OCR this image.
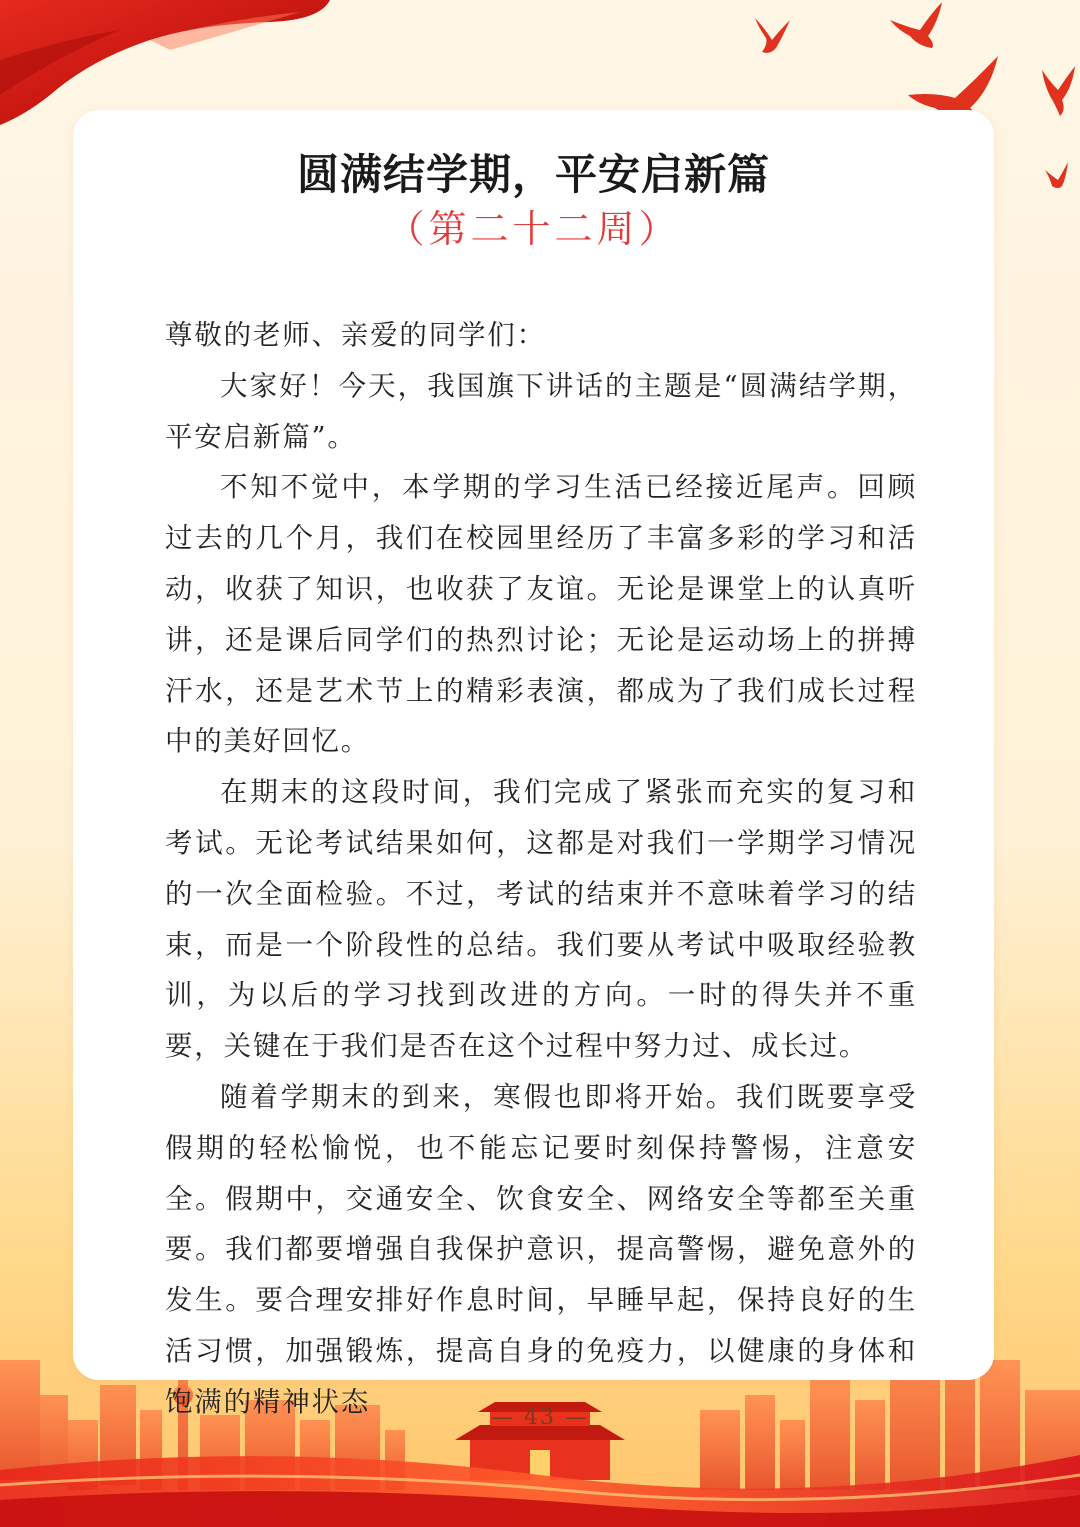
圆满结学期，平安启新篇
（第二十二周）

尊敬的老师、亲爱的同学们：

大家好！今天，我国旗下讲话的主题是“圆满结学期，平安启新篇”。

不知不觉中，本学期的学习生活已经接近尾声。回顾过去的几个月，我们在校园里经历了丰富多彩的学习和活动，收获了知识，也收获了友谊。无论是课堂上的认真听讲，还是课后同学们的热烈讨论；无论是运动场上的拼搏汗水，还是艺术节上的精彩表演，都成为了我们成长过程中的美好回忆。

在期末的这段时间，我们完成了紧张而充实的复习和考试。无论考试结果如何，这都是对我们一学期学习情况的一次全面检验。不过，考试的结束并不意味着学习的结束，而是一个阶段性的总结。我们要从考试中吸取经验教训，为以后的学习找到改进的方向。一时的得失并不重要，关键在于我们是否在这个过程中努力过、成长过。

随着学期末的到来，寒假也即将开始。我们既要享受假期的轻松愉悦，也不能忘记要时刻保持警惕，注意安全。假期中，交通安全、饮食安全、网络安全等都至关重要。我们都要增强自我保护意识，提高警惕，避免意外的发生。要合理安排好作息时间，早睡早起，保持良好的生活习惯，加强锻炼，提高自身的免疫力，以健康的身体和饱满的精神状态	— 43 —
